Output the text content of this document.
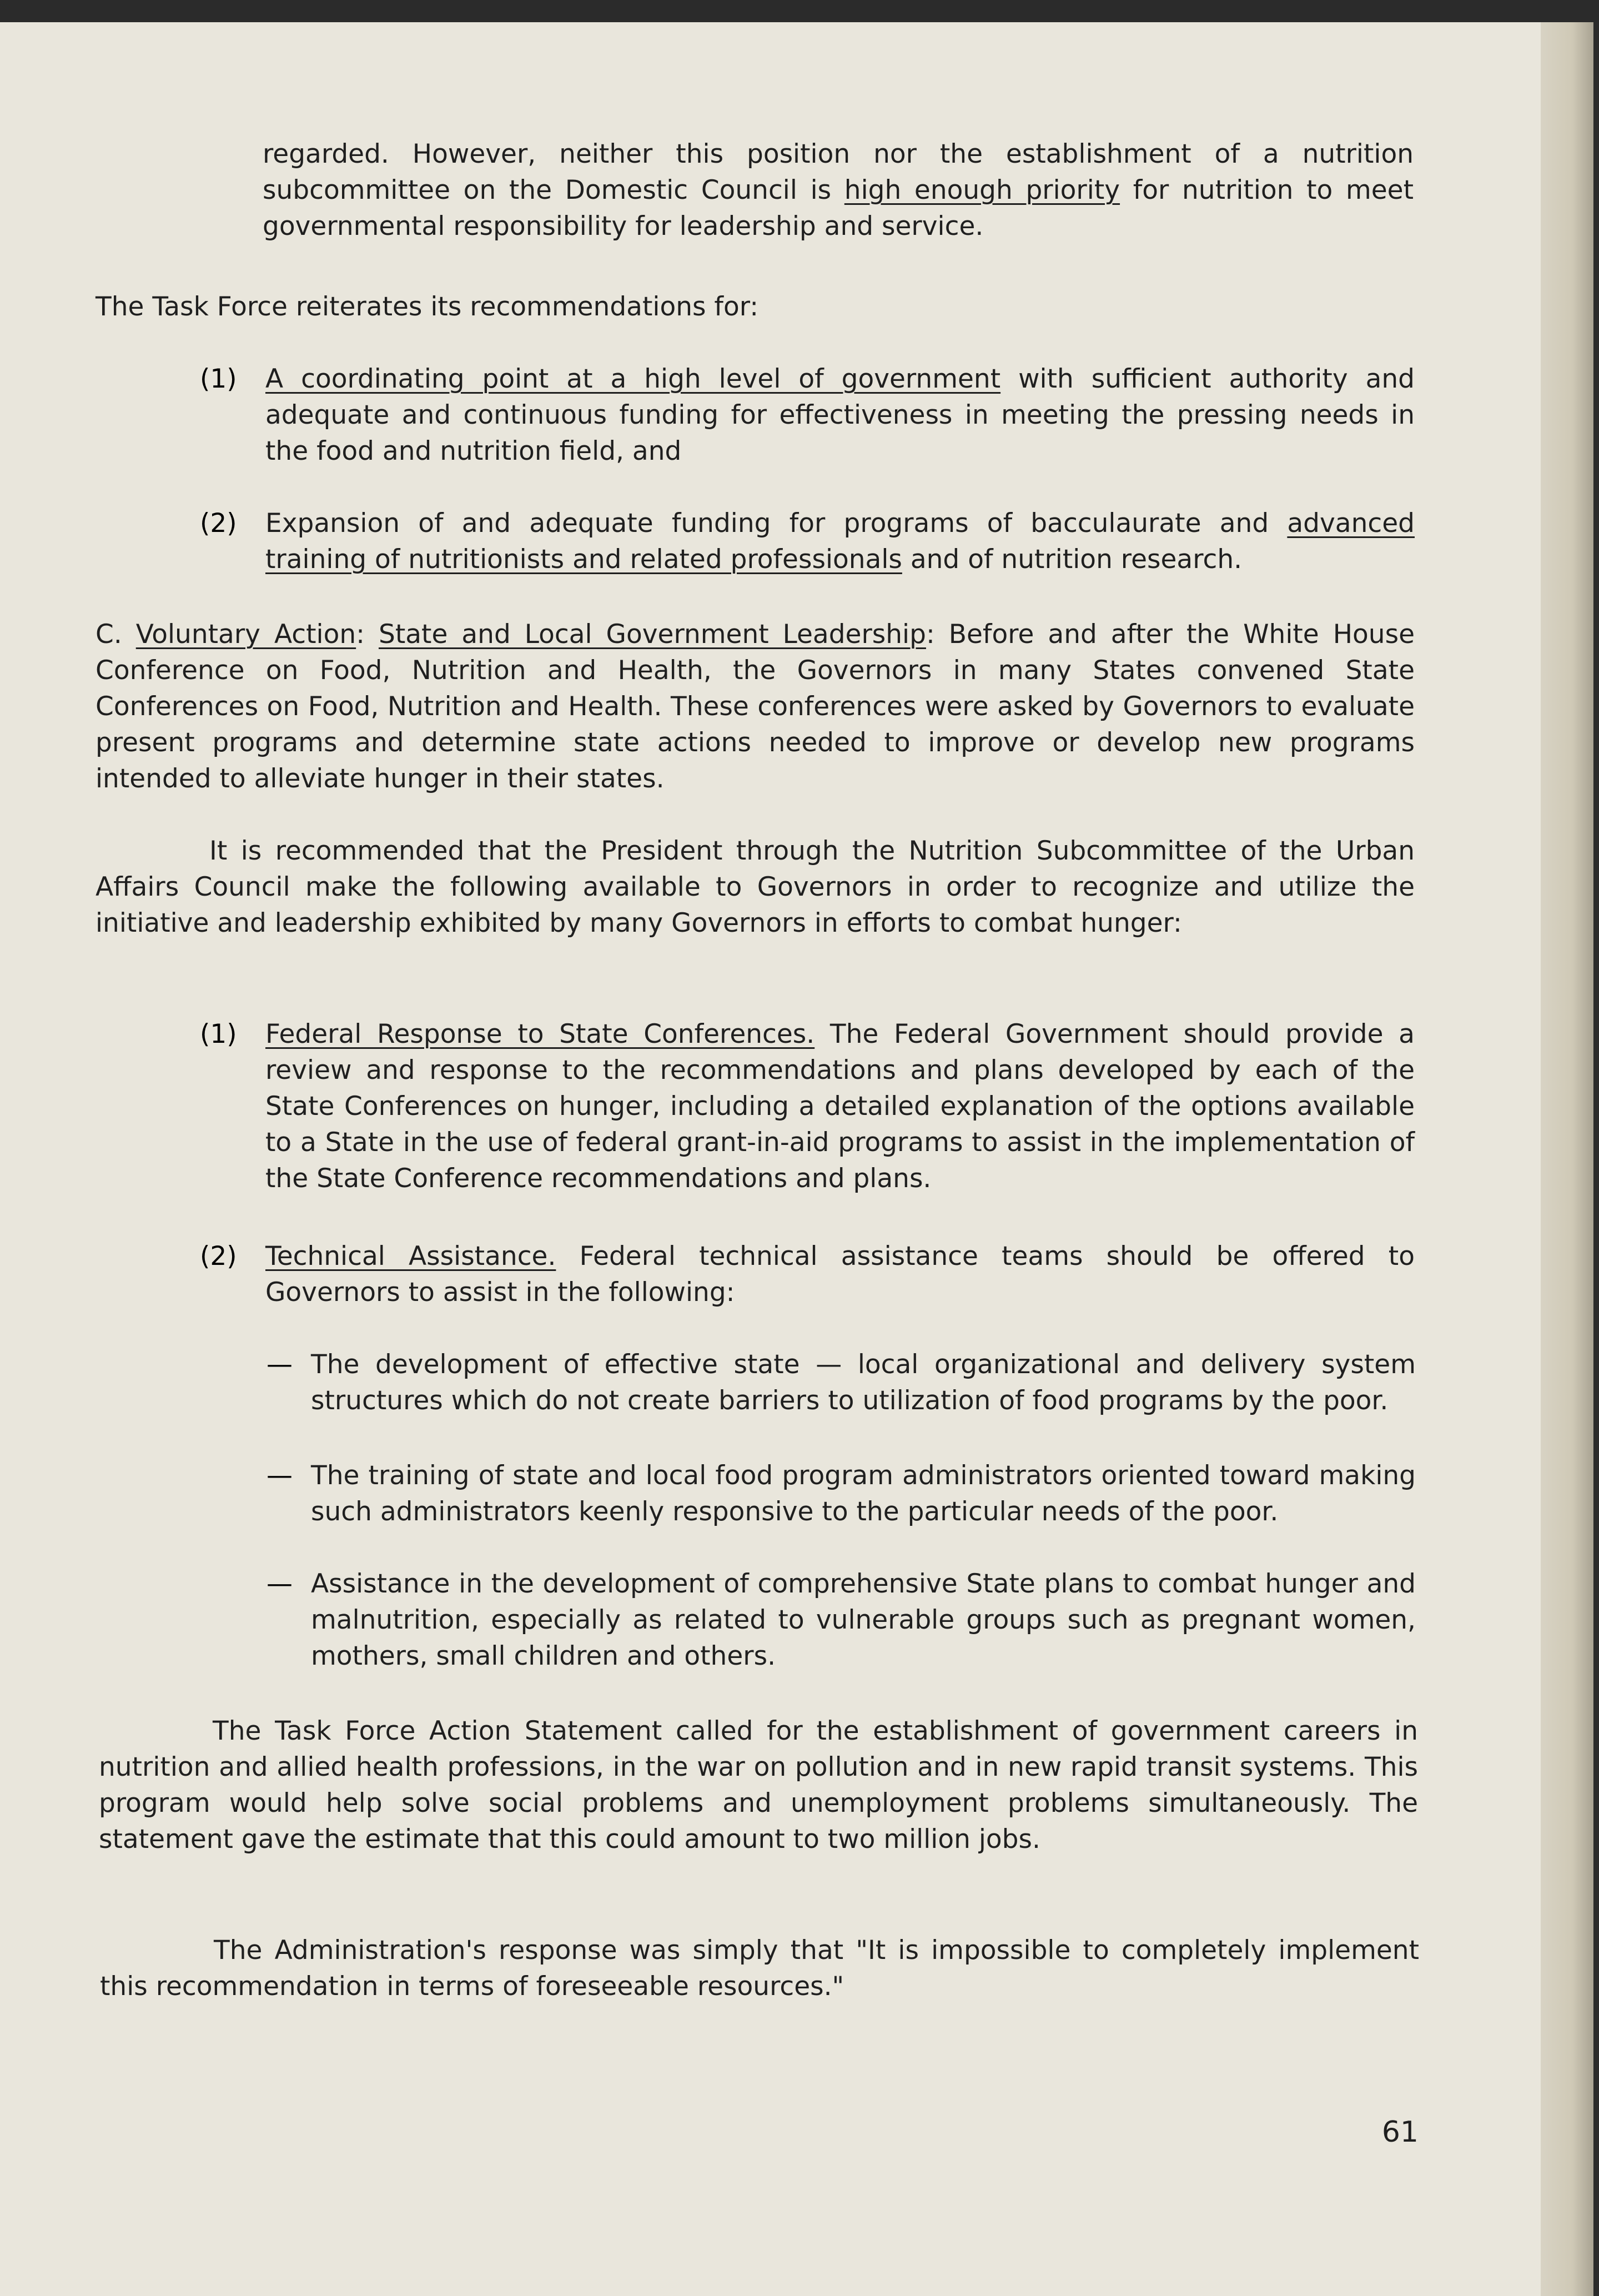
regarded. However, neither this position nor the establishment of a nutrition subcommittee on the Domestic Council is high enough priority for nutrition to meet governmental responsibility for leadership and service.

The Task Force reiterates its recommendations for:

(1) A coordinating point at a high level of government with sufficient authority and adequate and continuous funding for effectiveness in meeting the pressing needs in the food and nutrition field, and

(2) Expansion of and adequate funding for programs of bacculaurate and advanced training of nutritionists and related professionals and of nutrition research.

C. Voluntary Action: State and Local Government Leadership: Before and after the White House Conference on Food, Nutrition and Health, the Governors in many States convened State Conferences on Food, Nutrition and Health. These conferences were asked by Governors to evaluate present programs and determine state actions needed to improve or develop new programs intended to alleviate hunger in their states.

It is recommended that the President through the Nutrition Subcommittee of the Urban Affairs Council make the following available to Governors in order to recognize and utilize the initiative and leadership exhibited by many Governors in efforts to combat hunger:

(1) Federal Response to State Conferences. The Federal Government should provide a review and response to the recommendations and plans developed by each of the State Conferences on hunger, including a detailed explanation of the options available to a State in the use of federal grant-in-aid programs to assist in the implementation of the State Conference recommendations and plans.

(2) Technical Assistance. Federal technical assistance teams should be offered to Governors to assist in the following:

— The development of effective state — local organizational and delivery system structures which do not create barriers to utilization of food programs by the poor.

— The training of state and local food program administrators oriented toward making such administrators keenly responsive to the particular needs of the poor.

— Assistance in the development of comprehensive State plans to combat hunger and malnutrition, especially as related to vulnerable groups such as pregnant women, mothers, small children and others.

The Task Force Action Statement called for the establishment of government careers in nutrition and allied health professions, in the war on pollution and in new rapid transit systems. This program would help solve social problems and unemployment problems simultaneously. The statement gave the estimate that this could amount to two million jobs.

The Administration's response was simply that "It is impossible to completely implement this recommendation in terms of foreseeable resources."

61
